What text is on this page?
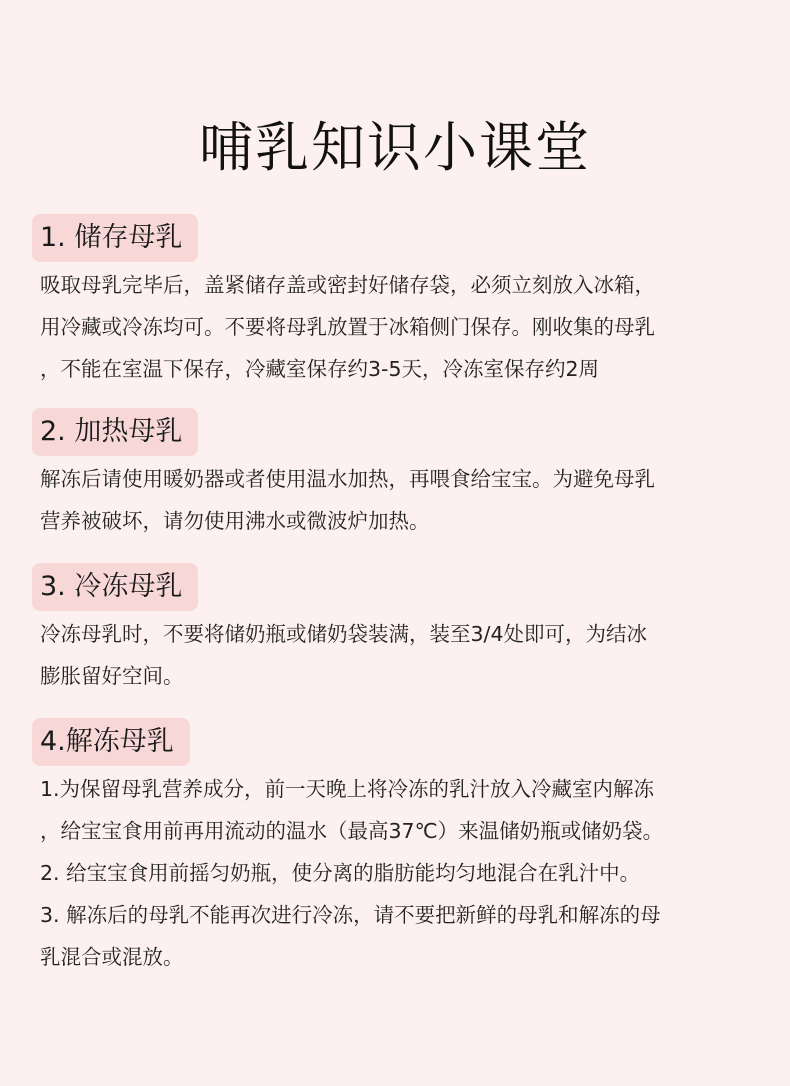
哺乳知识小课堂
1. 储存母乳
吸取母乳完毕后，盖紧储存盖或密封好储存袋，必须立刻放入冰箱，
用冷藏或冷冻均可。不要将母乳放置于冰箱侧门保存。刚收集的母乳
，不能在室温下保存，冷藏室保存约3-5天，冷冻室保存约2周
2. 加热母乳
解冻后请使用暖奶器或者使用温水加热，再喂食给宝宝。为避免母乳
营养被破坏，请勿使用沸水或微波炉加热。
3. 冷冻母乳
冷冻母乳时，不要将储奶瓶或储奶袋装满，装至3/4处即可，为结冰
膨胀留好空间。
4.解冻母乳
1.为保留母乳营养成分，前一天晚上将冷冻的乳汁放入冷藏室内解冻
，给宝宝食用前再用流动的温水（最高37℃）来温储奶瓶或储奶袋。
2. 给宝宝食用前摇匀奶瓶，使分离的脂肪能均匀地混合在乳汁中。
3. 解冻后的母乳不能再次进行冷冻，请不要把新鲜的母乳和解冻的母
乳混合或混放。
